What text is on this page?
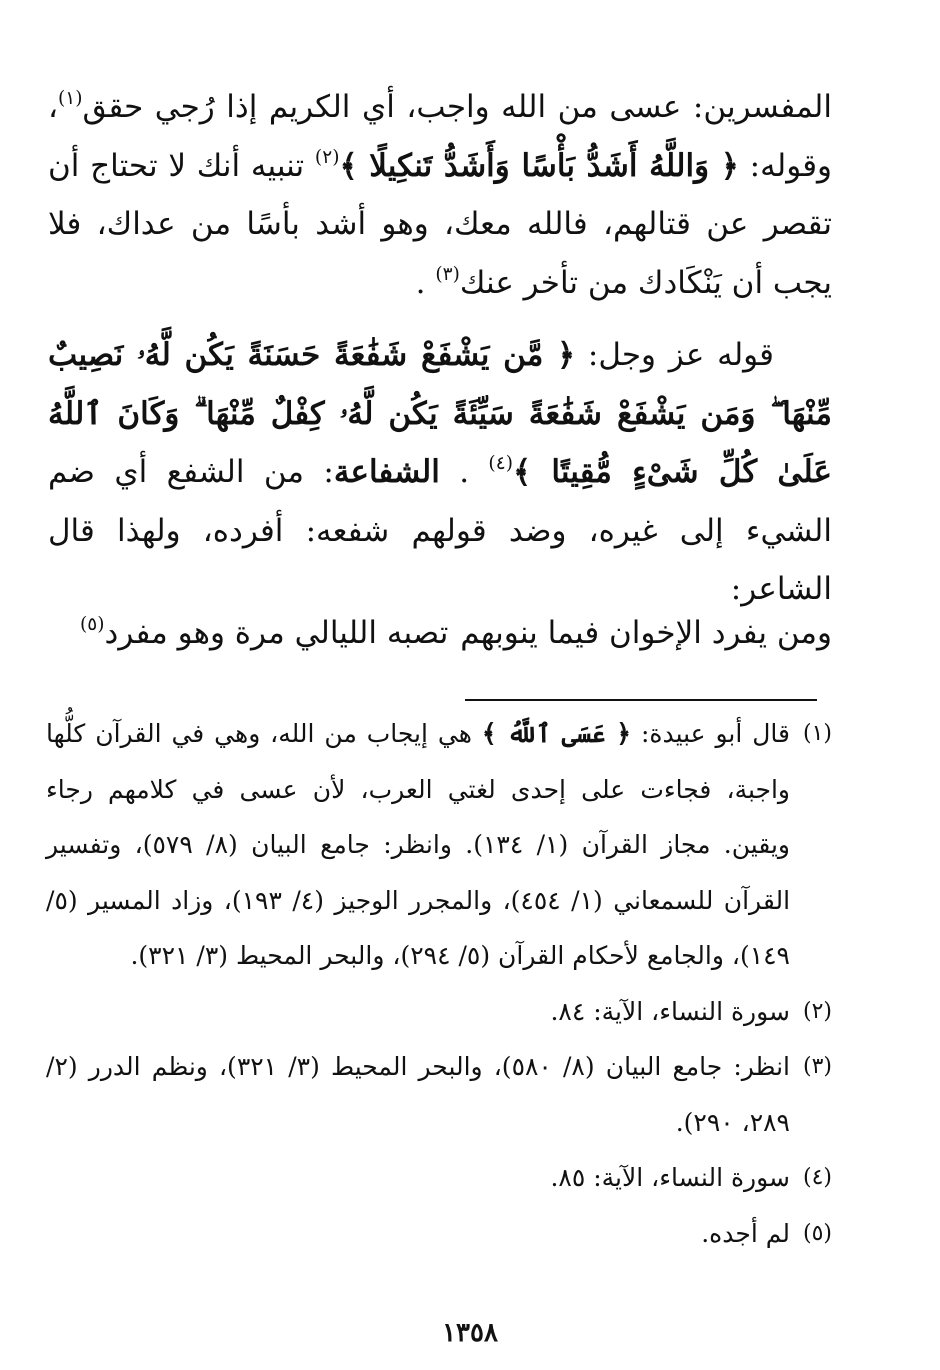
المفسرين: عسى من الله واجب، أي الكريم إذا رُجي حقق$^{(١)}$، وقوله: ﴿ وَاللَّهُ أَشَدُّ بَأْسًا وَأَشَدُّ تَنكِيلًا ﴾$^{(٢)}$ تنبيه أنك لا تحتاج أن تقصر عن قتالهم، فالله معك، وهو أشد بأسًا من عداك، فلا يجب أن يَنْكَادك من تأخر عنك$^{(٣)}$ .

قوله عز وجل: ﴿ مَّن يَشْفَعْ شَفَٰعَةً حَسَنَةً يَكُن لَّهُۥ نَصِيبٌ مِّنْهَا ۖ وَمَن يَشْفَعْ شَفَٰعَةً سَيِّئَةً يَكُن لَّهُۥ كِفْلٌ مِّنْهَا ۗ وَكَانَ ٱللَّهُ عَلَىٰ كُلِّ شَىْءٍ مُّقِيتًا ﴾$^{(٤)}$ . الشفاعة: من الشفع أي ضم الشيء إلى غيره، وضد قولهم شفعه: أفرده، ولهذا قال الشاعر:

ومن يفرد الإخوان فيما ينوبهم
تصبه الليالي مرة وهو مفرد$^{(٥)}$
(١)
قال أبو عبيدة: ﴿ عَسَى ٱللَّهُ ﴾ هي إيجاب من الله، وهي في القرآن كلُّها واجبة، فجاءت على إحدى لغتي العرب، لأن عسى في كلامهم رجاء ويقين. مجاز القرآن (١/ ١٣٤). وانظر: جامع البيان (٨/ ٥٧٩)، وتفسير القرآن للسمعاني (١/ ٤٥٤)، والمجرر الوجيز (٤/ ١٩٣)، وزاد المسير (٥/ ١٤٩)، والجامع لأحكام القرآن (٥/ ٢٩٤)، والبحر المحيط (٣/ ٣٢١).
(٢)
سورة النساء، الآية: ٨٤.
(٣)
انظر: جامع البيان (٨/ ٥٨٠)، والبحر المحيط (٣/ ٣٢١)، ونظم الدرر (٢/ ٢٨٩، ٢٩٠).
(٤)
سورة النساء، الآية: ٨٥.
(٥)
لم أجده.
١٣٥٨
